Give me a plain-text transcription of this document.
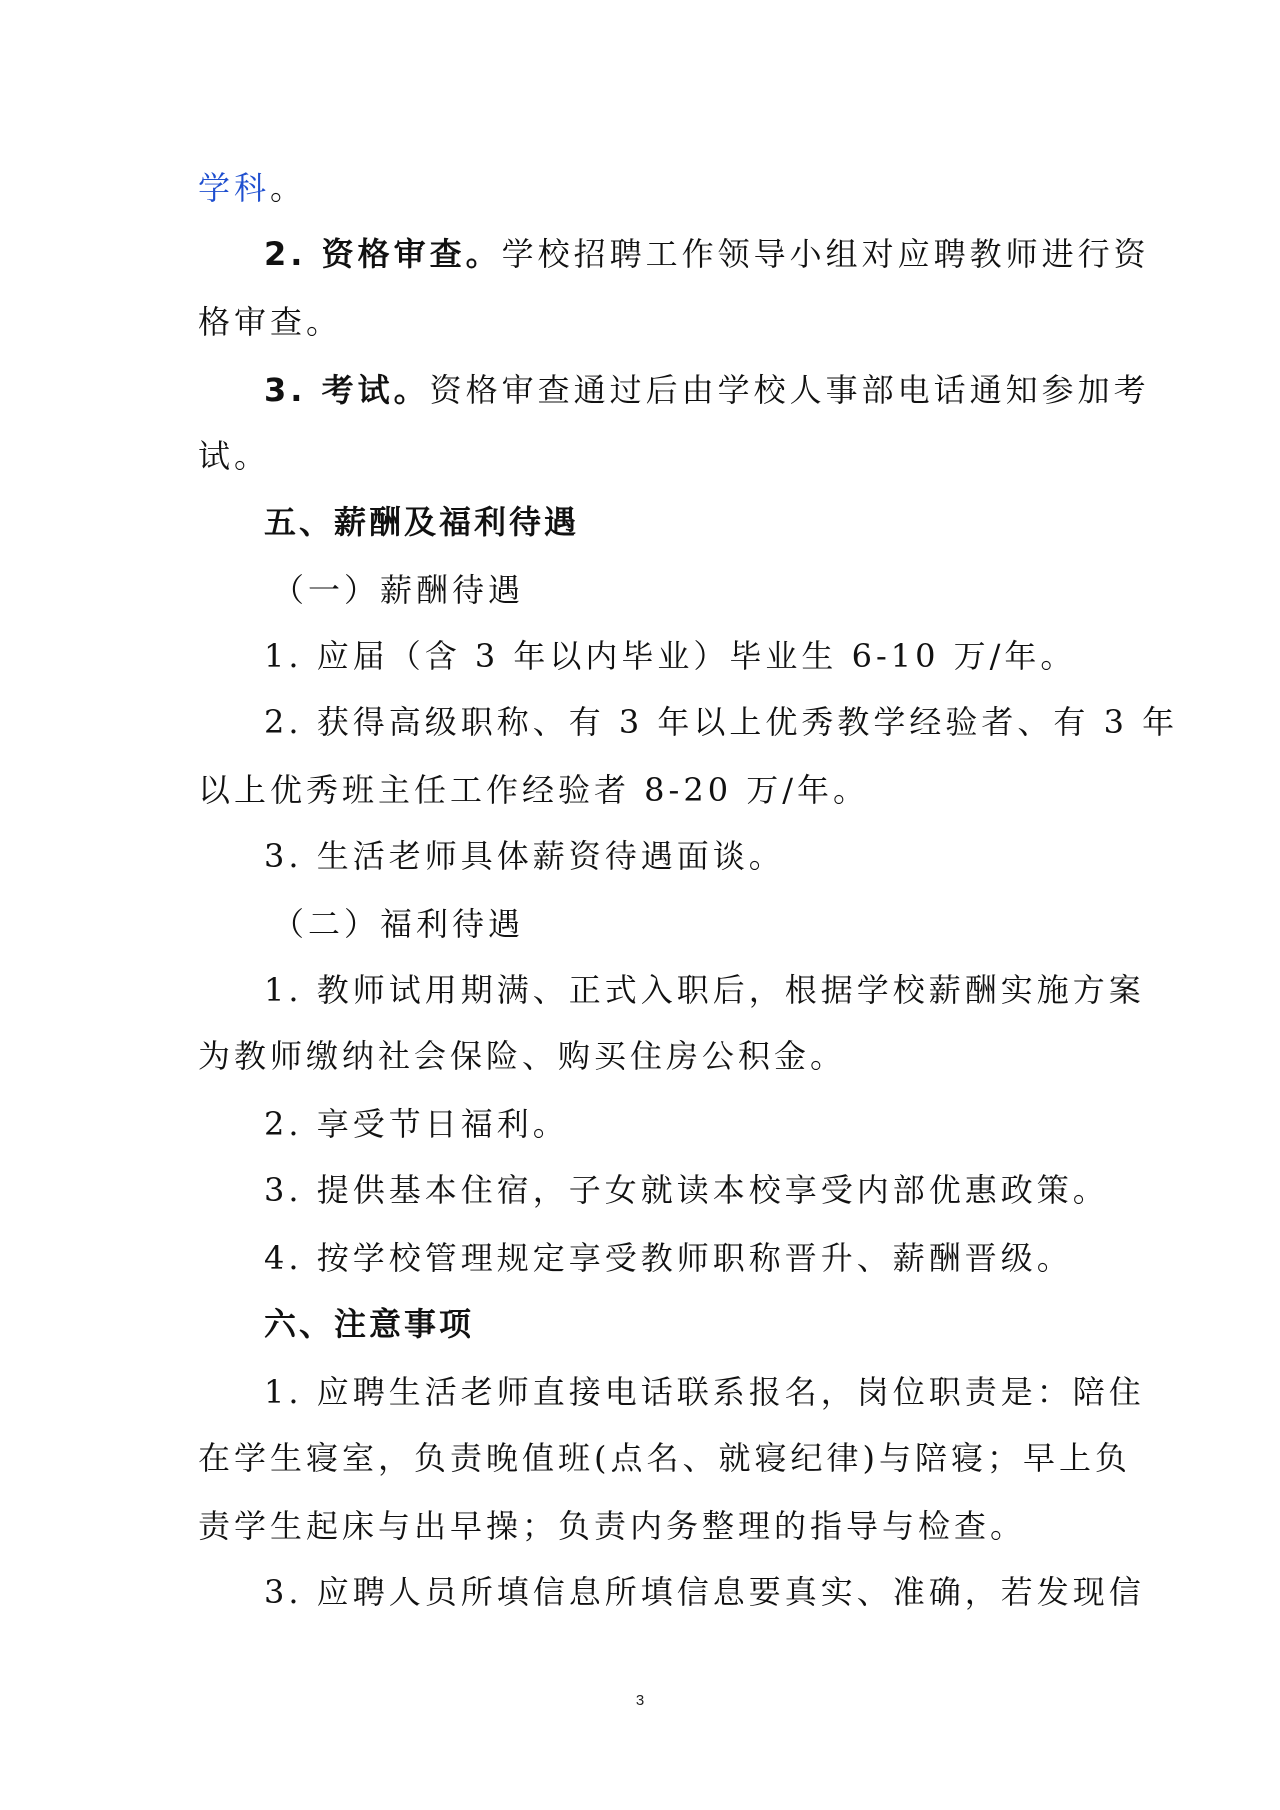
学科。
2. 资格审查。学校招聘工作领导小组对应聘教师进行资
格审查。
3. 考试。资格审查通过后由学校人事部电话通知参加考
试。
五、薪酬及福利待遇
（一）薪酬待遇
1. 应届（含 3 年以内毕业）毕业生 6-10 万/年。
2. 获得高级职称、有 3 年以上优秀教学经验者、有 3 年
以上优秀班主任工作经验者 8-20 万/年。
3. 生活老师具体薪资待遇面谈。
（二）福利待遇
1. 教师试用期满、正式入职后，根据学校薪酬实施方案
为教师缴纳社会保险、购买住房公积金。
2. 享受节日福利。
3. 提供基本住宿，子女就读本校享受内部优惠政策。
4. 按学校管理规定享受教师职称晋升、薪酬晋级。
六、注意事项
1. 应聘生活老师直接电话联系报名，岗位职责是：陪住
在学生寝室，负责晚值班(点名、就寝纪律)与陪寝；早上负
责学生起床与出早操；负责内务整理的指导与检查。
3. 应聘人员所填信息所填信息要真实、准确，若发现信
3
